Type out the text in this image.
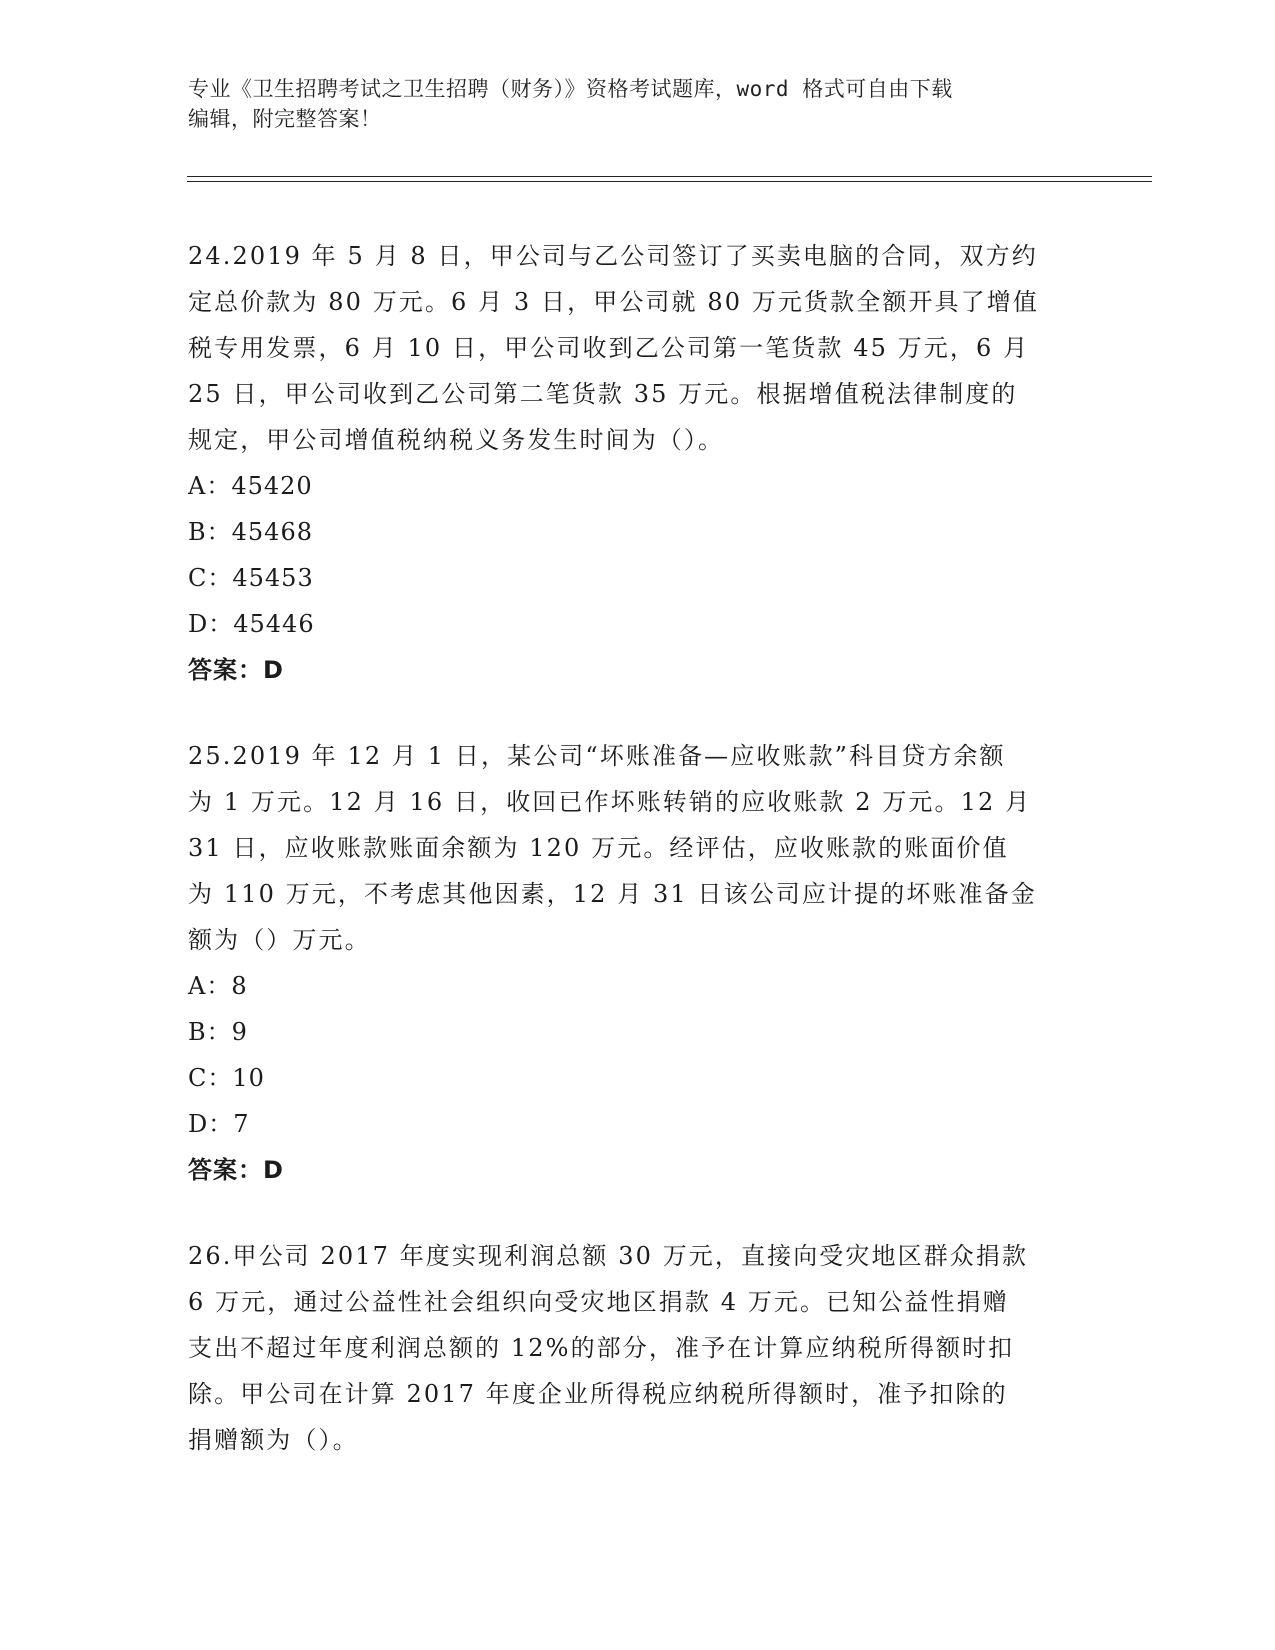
专业《卫生招聘考试之卫生招聘（财务）》资格考试题库，word 格式可自由下载
编辑，附完整答案！

24.2019 年 5 月 8 日，甲公司与乙公司签订了买卖电脑的合同，双方约

定总价款为 80 万元。6 月 3 日，甲公司就 80 万元货款全额开具了增值

税专用发票，6 月 10 日，甲公司收到乙公司第一笔货款 45 万元，6 月

25 日，甲公司收到乙公司第二笔货款 35 万元。根据增值税法律制度的

规定，甲公司增值税纳税义务发生时间为（）。

A：45420

B：45468

C：45453

D：45446

答案：D

25.2019 年 12 月 1 日，某公司“坏账准备—应收账款”科目贷方余额

为 1 万元。12 月 16 日，收回已作坏账转销的应收账款 2 万元。12 月

31 日，应收账款账面余额为 120 万元。经评估，应收账款的账面价值

为 110 万元，不考虑其他因素，12 月 31 日该公司应计提的坏账准备金

额为（）万元。

A：8

B：9

C：10

D：7

答案：D

26.甲公司 2017 年度实现利润总额 30 万元，直接向受灾地区群众捐款

6 万元，通过公益性社会组织向受灾地区捐款 4 万元。已知公益性捐赠

支出不超过年度利润总额的 12%的部分，准予在计算应纳税所得额时扣

除。甲公司在计算 2017 年度企业所得税应纳税所得额时，准予扣除的

捐赠额为（）。
